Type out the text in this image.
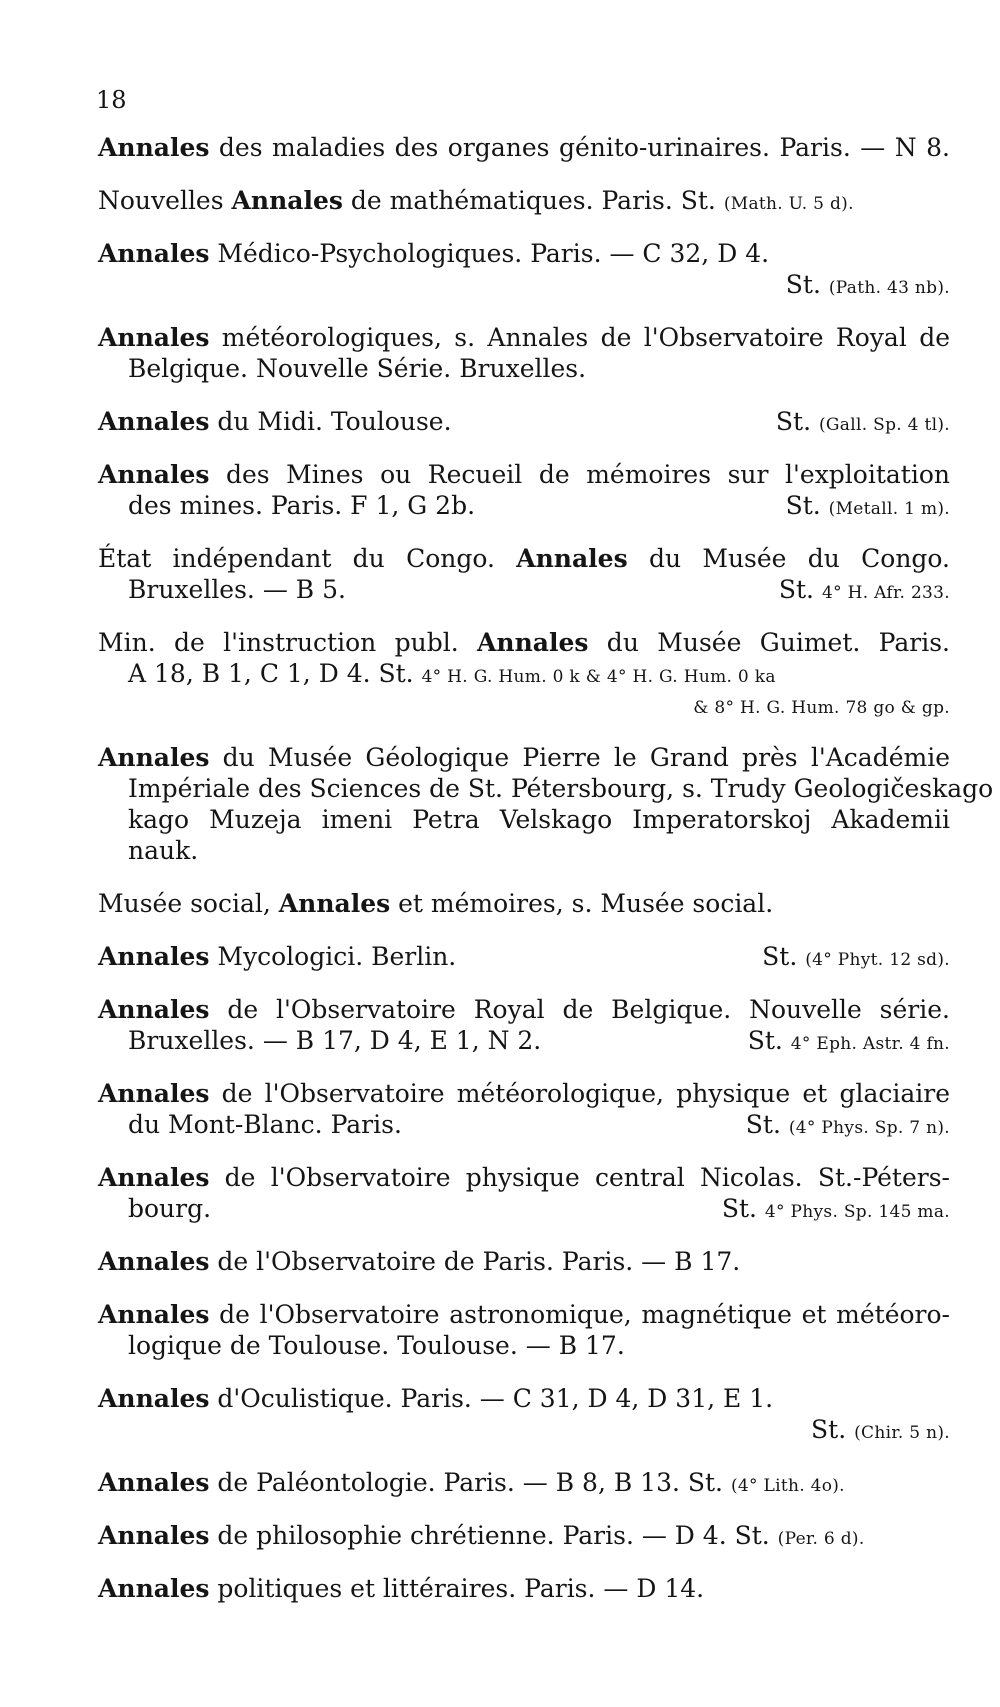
18
Annales des maladies des organes génito-urinaires. Paris. — N 8.
Nouvelles Annales de mathématiques. Paris. St. (Math. U. 5 d).
Annales Médico-Psychologiques. Paris. — C 32, D 4.
St. (Path. 43 nb).
Annales météorologiques, s. Annales de l'Observatoire Royal de
Belgique. Nouvelle Série. Bruxelles.
Annales du Midi. Toulouse.	St. (Gall. Sp. 4 tl).
Annales des Mines ou Recueil de mémoires sur l'exploitation
des mines. Paris. F 1, G 2b.	St. (Metall. 1 m).
État indépendant du Congo. Annales du Musée du Congo.
Bruxelles. — B 5.	St. 4° H. Afr. 233.
Min. de l'instruction publ. Annales du Musée Guimet. Paris.
A 18, B 1, C 1, D 4. St. 4° H. G. Hum. 0 k & 4° H. G. Hum. 0 ka
& 8° H. G. Hum. 78 go & gp.
Annales du Musée Géologique Pierre le Grand près l'Académie
Impériale des Sciences de St. Pétersbourg, s. Trudy Geologičeskago
kago Muzeja imeni Petra Velskago Imperatorskoj Akademii
nauk.
Musée social, Annales et mémoires, s. Musée social.
Annales Mycologici. Berlin.	St. (4° Phyt. 12 sd).
Annales de l'Observatoire Royal de Belgique. Nouvelle série.
Bruxelles. — B 17, D 4, E 1, N 2.	St. 4° Eph. Astr. 4 fn.
Annales de l'Observatoire météorologique, physique et glaciaire
du Mont-Blanc. Paris.	St. (4° Phys. Sp. 7 n).
Annales de l'Observatoire physique central Nicolas. St.-Péters-
bourg.	St. 4° Phys. Sp. 145 ma.
Annales de l'Observatoire de Paris. Paris. — B 17.
Annales de l'Observatoire astronomique, magnétique et météoro-
logique de Toulouse. Toulouse. — B 17.
Annales d'Oculistique. Paris. — C 31, D 4, D 31, E 1.
St. (Chir. 5 n).
Annales de Paléontologie. Paris. — B 8, B 13. St. (4° Lith. 4o).
Annales de philosophie chrétienne. Paris. — D 4. St. (Per. 6 d).
Annales politiques et littéraires. Paris. — D 14.
